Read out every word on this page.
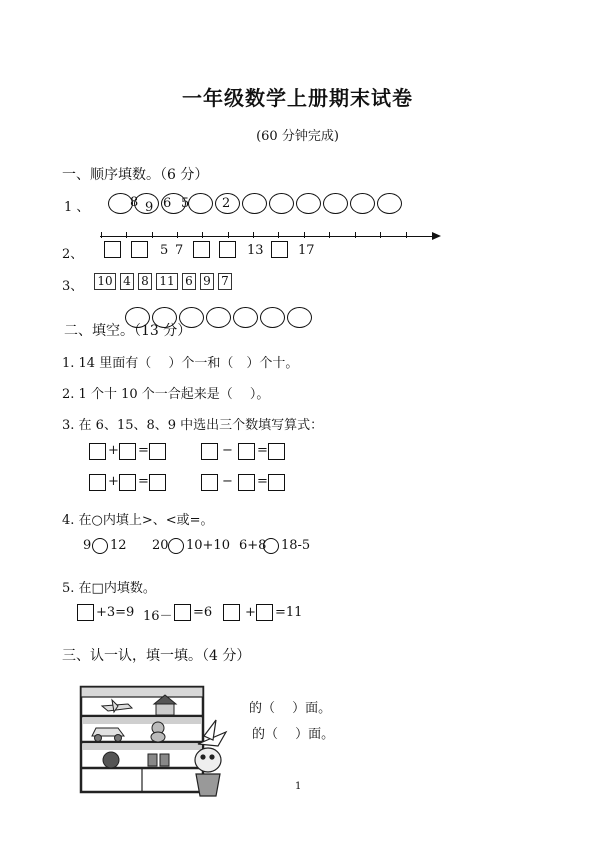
一年级数学上册期末试卷
(60 分钟完成)
一、顺序填数。（6 分）
1 、	8 9 6 5	2
2、	5 7	13	17
3、 10 4 8 11 6 9 7
二、填空。（13 分）
1. 14 里面有（　 ）个一和（　）个十。
2. 1 个十 10 个一合起来是（　 ）。
3. 在 6、15、8、9 中选出三个数填写算式：
+ =	− =
+ =	− =
4. 在○内填上>、<或=。
9 12 20 10+10 6+8 18-5
5. 在□内填数。
+3=9 16－ =6	+ =11
三、认一认，填一填。（4 分）
的（　 ）面。
的（　 ）面。
1
